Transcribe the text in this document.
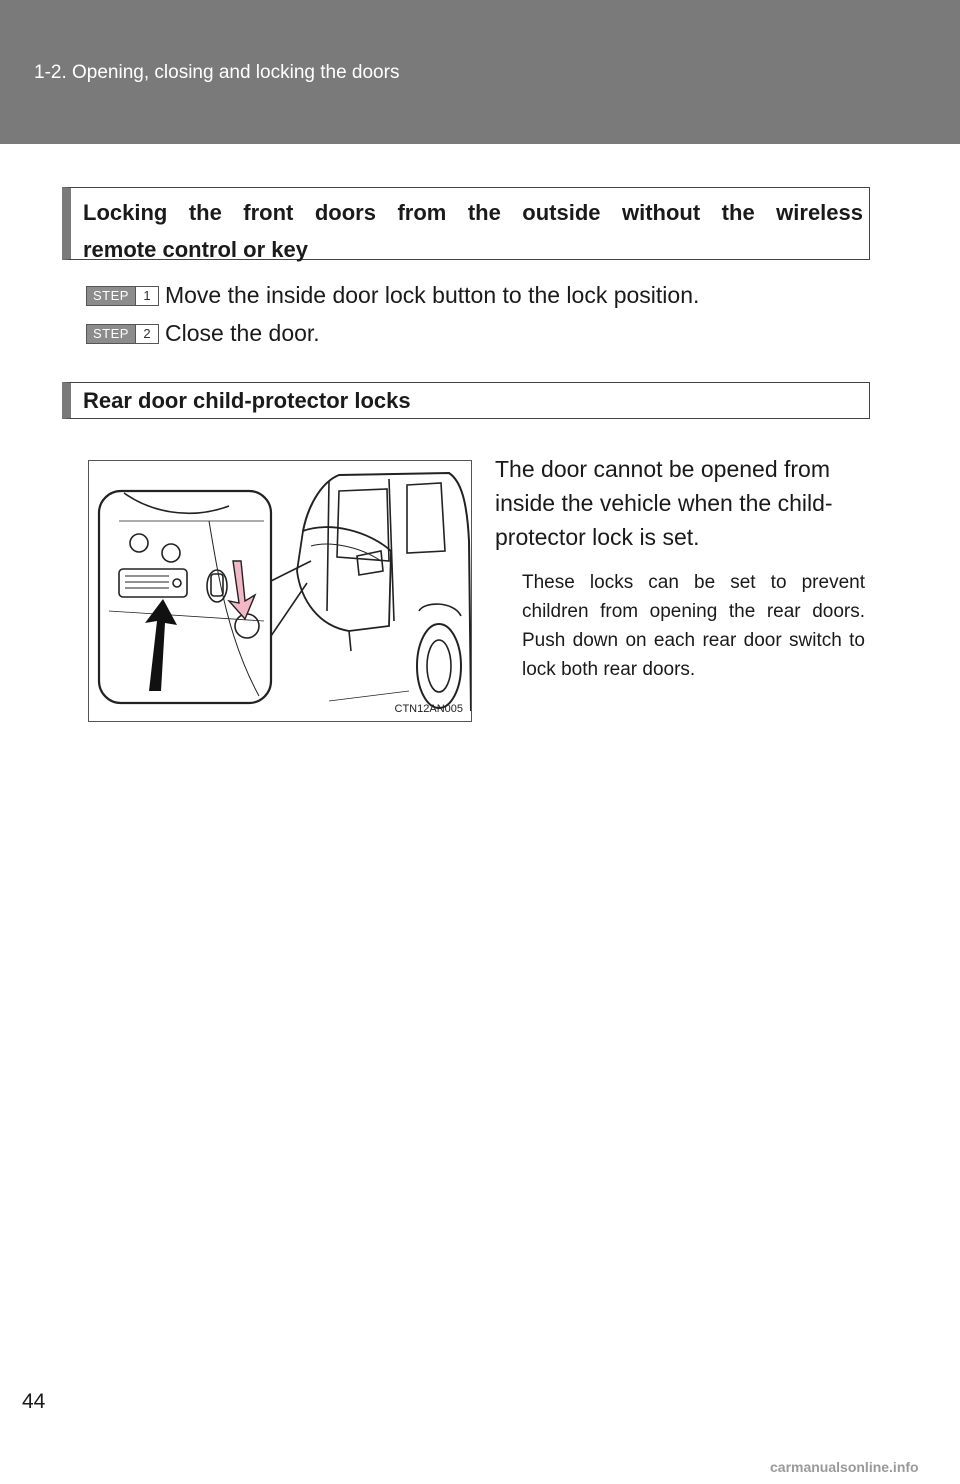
1-2. Opening, closing and locking the doors
Locking the front doors from the outside without the wireless
remote control or key
STEP	1 Move the inside door lock button to the lock position.
STEP	2 Close the door.
Rear door child-protector locks
CTN12AN005
The door cannot be opened from inside the vehicle when the child-protector lock is set.
These locks can be set to prevent children from opening the rear doors. Push down on each rear door switch to lock both rear doors.
44
carmanualsonline.info
